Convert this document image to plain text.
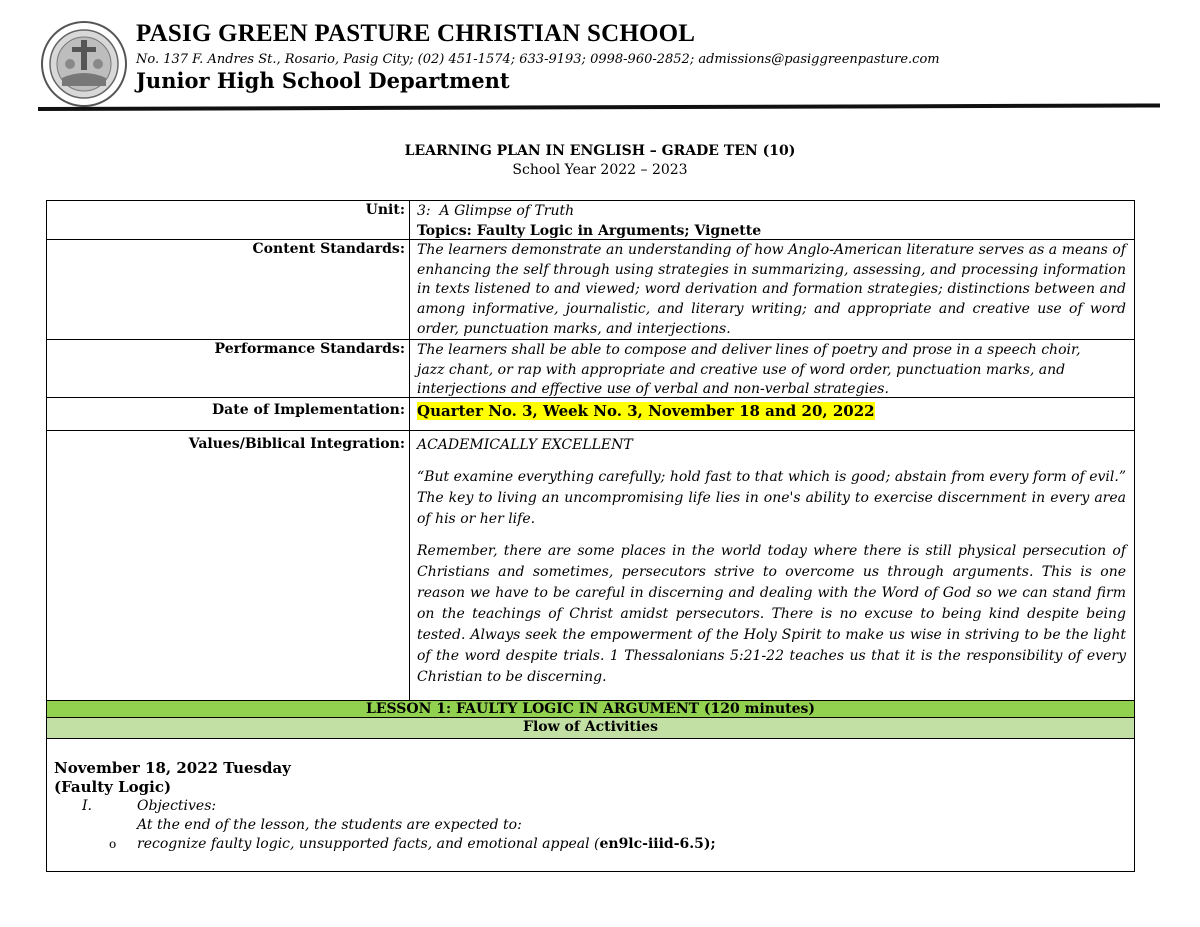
PASIG GREEN PASTURE CHRISTIAN SCHOOL
No. 137 F. Andres St., Rosario, Pasig City; (02) 451-1574; 633-9193; 0998-960-2852; admissions@pasiggreenpasture.com
Junior High School Department
LEARNING PLAN IN ENGLISH – GRADE TEN (10)
School Year 2022 – 2023
Unit: 3: A Glimpse of Truth
Topics: Faulty Logic in Arguments; Vignette
Content Standards: The learners demonstrate an understanding of how Anglo-American literature serves as a means of enhancing the self through using strategies in summarizing, assessing, and processing information in texts listened to and viewed; word derivation and formation strategies; distinctions between and among informative, journalistic, and literary writing; and appropriate and creative use of word order, punctuation marks, and interjections.
Performance Standards: The learners shall be able to compose and deliver lines of poetry and prose in a speech choir, jazz chant, or rap with appropriate and creative use of word order, punctuation marks, and interjections and effective use of verbal and non-verbal strategies.
Date of Implementation: Quarter No. 3, Week No. 3, November 18 and 20, 2022
Values/Biblical Integration: ACADEMICALLY EXCELLENT
“But examine everything carefully; hold fast to that which is good; abstain from every form of evil.” The key to living an uncompromising life lies in one's ability to exercise discernment in every area of his or her life.
Remember, there are some places in the world today where there is still physical persecution of Christians and sometimes, persecutors strive to overcome us through arguments. This is one reason we have to be careful in discerning and dealing with the Word of God so we can stand firm on the teachings of Christ amidst persecutors. There is no excuse to being kind despite being tested. Always seek the empowerment of the Holy Spirit to make us wise in striving to be the light of the word despite trials. 1 Thessalonians 5:21-22 teaches us that it is the responsibility of every Christian to be discerning.
LESSON 1: FAULTY LOGIC IN ARGUMENT (120 minutes)
Flow of Activities
November 18, 2022 Tuesday
(Faulty Logic)
I.	Objectives:
At the end of the lesson, the students are expected to:
o recognize faulty logic, unsupported facts, and emotional appeal (en9lc-iiid-6.5);
